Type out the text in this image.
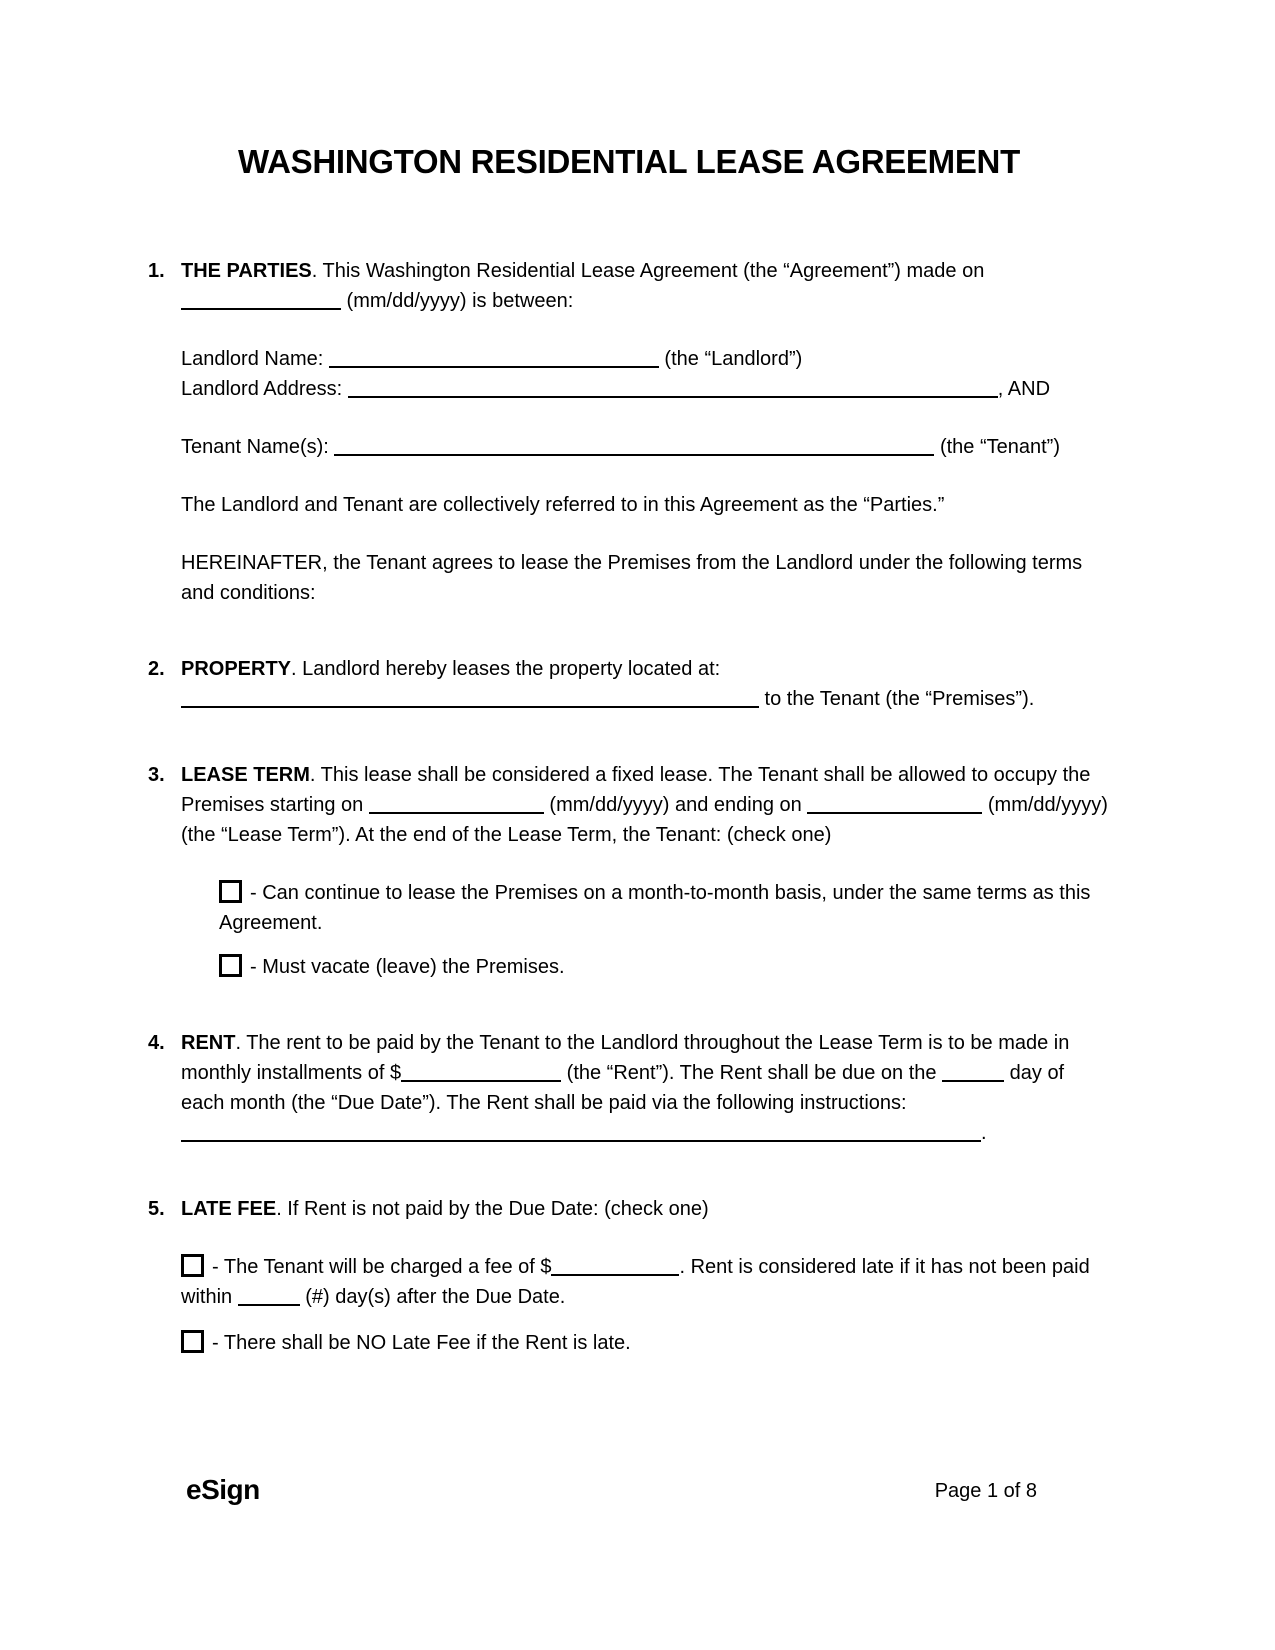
WASHINGTON RESIDENTIAL LEASE AGREEMENT
1. THE PARTIES. This Washington Residential Lease Agreement (the “Agreement”) made on  (mm/dd/yyyy) is between:
Landlord Name:	(the “Landlord”)
Landlord Address:	, AND
Tenant Name(s):	(the “Tenant”)
The Landlord and Tenant are collectively referred to in this Agreement as the “Parties.”
HEREINAFTER, the Tenant agrees to lease the Premises from the Landlord under the following terms and conditions:
2. PROPERTY. Landlord hereby leases the property located at:  to the Tenant (the “Premises”).
3. LEASE TERM. This lease shall be considered a fixed lease. The Tenant shall be allowed to occupy the Premises starting on	(mm/dd/yyyy) and ending on	(mm/dd/yyyy) (the “Lease Term”). At the end of the Lease Term, the Tenant: (check one)
- Can continue to lease the Premises on a month-to-month basis, under the same terms as this Agreement.
- Must vacate (leave) the Premises.
4. RENT. The rent to be paid by the Tenant to the Landlord throughout the Lease Term is to be made in monthly installments of $	(the “Rent”). The Rent shall be due on the	day of each month (the “Due Date”). The Rent shall be paid via the following instructions: .
5. LATE FEE. If Rent is not paid by the Due Date: (check one)
- The Tenant will be charged a fee of $	. Rent is considered late if it has not been paid within	(#) day(s) after the Due Date.
- There shall be NO Late Fee if the Rent is late.
eSign	Page 1 of 8
